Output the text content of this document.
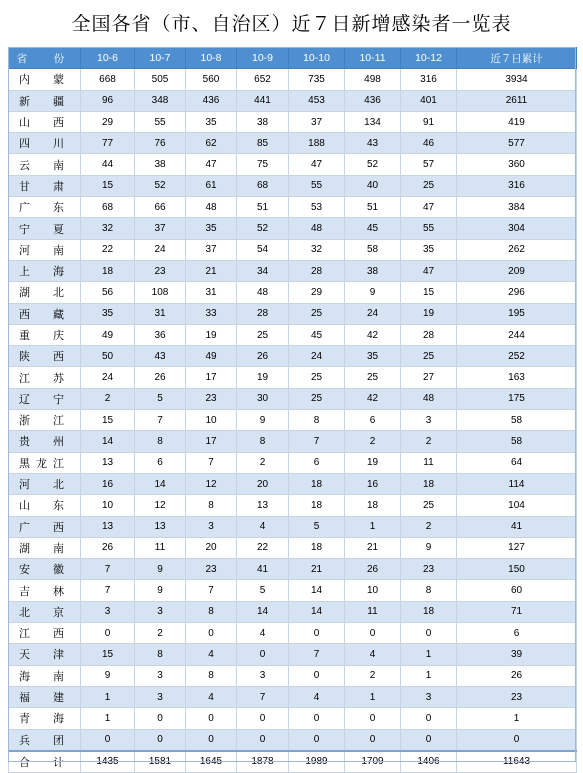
全国各省（市、自治区）近７日新增感染者一览表
省　份	10-6	10-7	10-8	10-9	10-10	10-11	10-12	近７日累计
内　蒙	668	505	560	652	735	498	316	3934
新　疆	96	348	436	441	453	436	401	2611
山　西	29	55	35	38	37	134	91	419
四　川	77	76	62	85	188	43	46	577
云　南	44	38	47	75	47	52	57	360
甘　肃	15	52	61	68	55	40	25	316
广　东	68	66	48	51	53	51	47	384
宁　夏	32	37	35	52	48	45	55	304
河　南	22	24	37	54	32	58	35	262
上　海	18	23	21	34	28	38	47	209
湖　北	56	108	31	48	29	9	15	296
西　藏	35	31	33	28	25	24	19	195
重　庆	49	36	19	25	45	42	28	244
陕　西	50	43	49	26	24	35	25	252
江　苏	24	26	17	19	25	25	27	163
辽　宁	2	5	23	30	25	42	48	175
浙　江	15	7	10	9	8	6	3	58
贵　州	14	8	17	8	7	2	2	58
黑龙江	13	6	7	2	6	19	11	64
河　北	16	14	12	20	18	16	18	114
山　东	10	12	8	13	18	18	25	104
广　西	13	13	3	4	5	1	2	41
湖　南	26	11	20	22	18	21	9	127
安　徽	7	9	23	41	21	26	23	150
吉　林	7	9	7	5	14	10	8	60
北　京	3	3	8	14	14	11	18	71
江　西	0	2	0	4	0	0	0	6
天　津	15	8	4	0	7	4	1	39
海　南	9	3	8	3	0	2	1	26
福　建	1	3	4	7	4	1	3	23
青　海	1	0	0	0	0	0	0	1
兵　团	0	0	0	0	0	0	0	0
合　计	1435	1581	1645	1878	1989	1709	1406	11643
